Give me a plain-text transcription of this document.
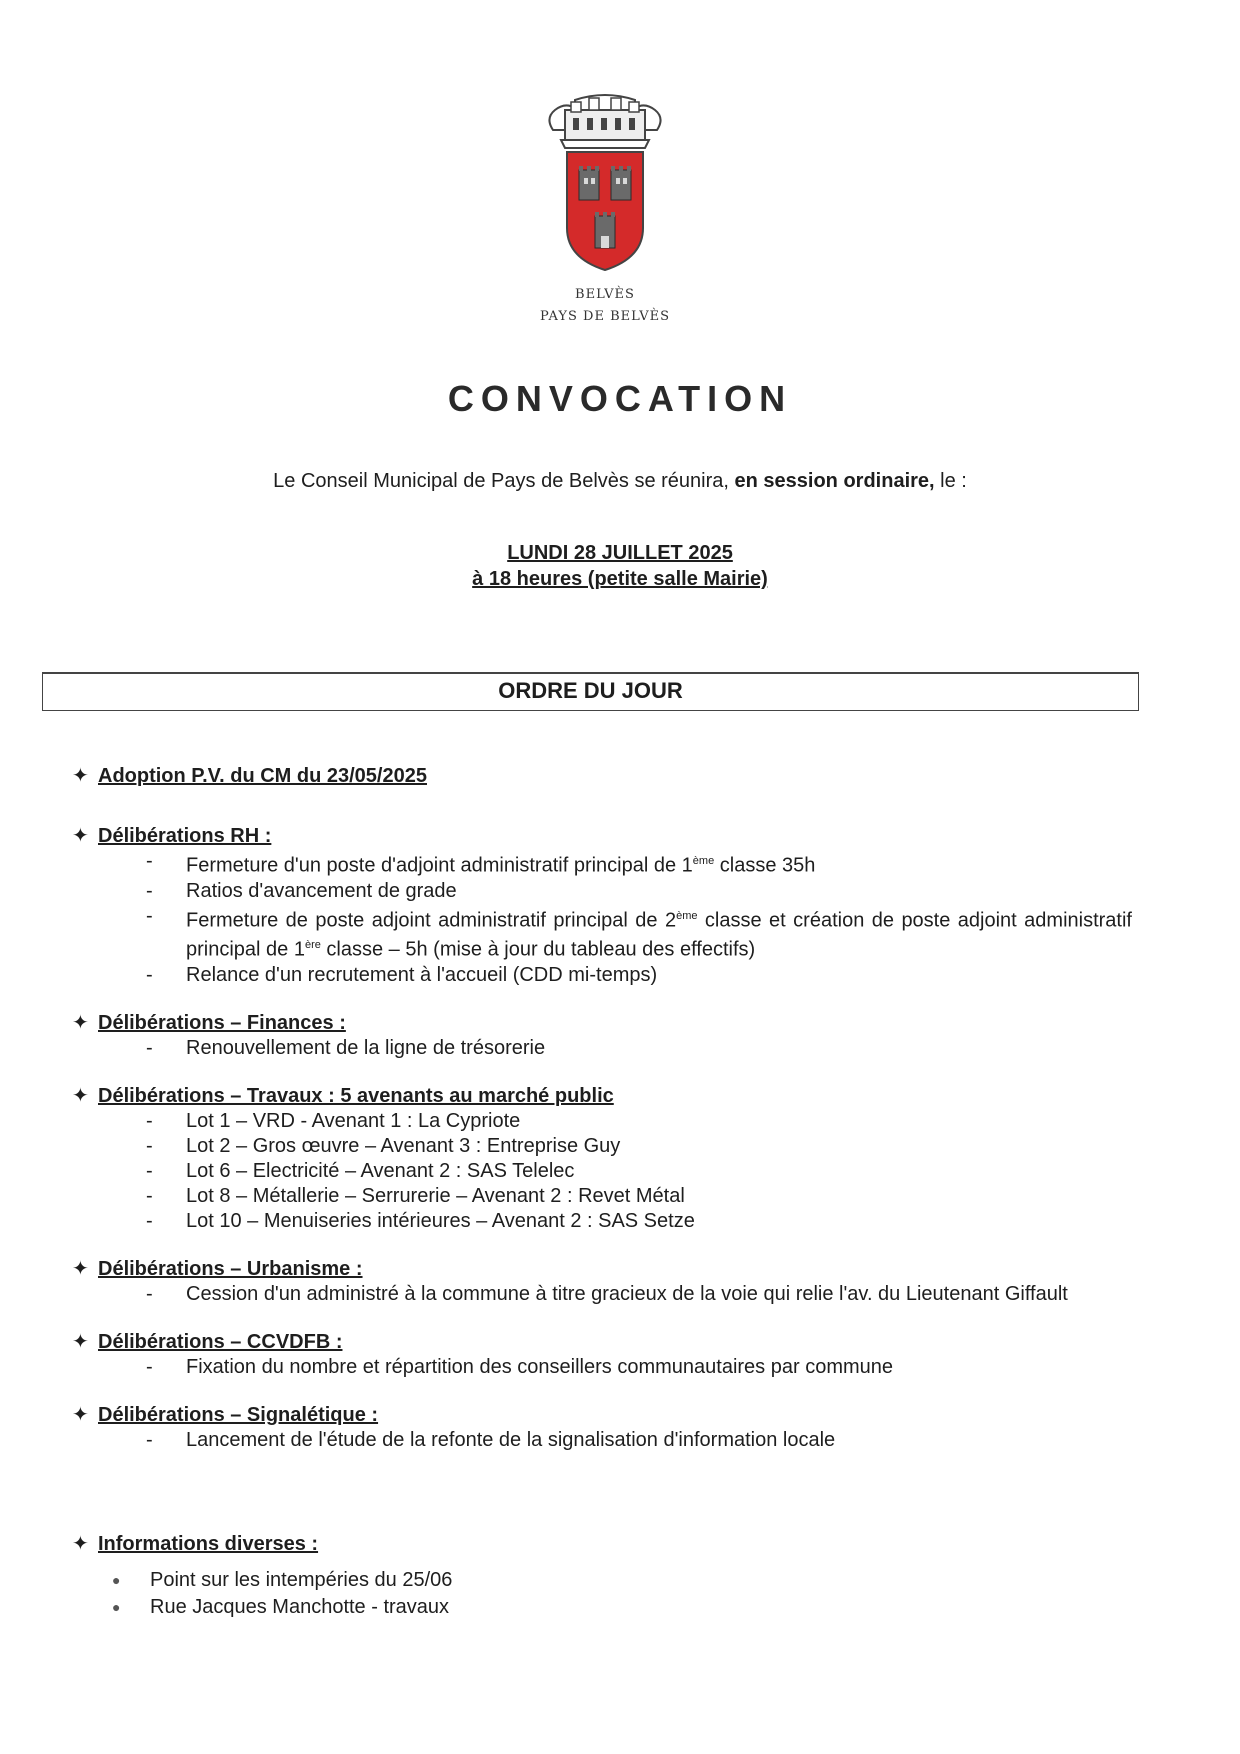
BELVÈS
PAYS DE BELVÈS
CONVOCATION
Le Conseil Municipal de Pays de Belvès se réunira, en session ordinaire, le :
LUNDI 28 JUILLET 2025
à 18 heures (petite salle Mairie)
ORDRE DU JOUR
✦ Adoption P.V. du CM du 23/05/2025
✦ Délibérations RH :
- Fermeture d'un poste d'adjoint administratif principal de 1ème classe 35h
- Ratios d'avancement de grade
- Fermeture de poste adjoint administratif principal de 2ème classe et création de poste adjoint administratif principal de 1ère classe – 5h (mise à jour du tableau des effectifs)
- Relance d'un recrutement à l'accueil (CDD mi-temps)
✦ Délibérations – Finances :
- Renouvellement de la ligne de trésorerie
✦ Délibérations – Travaux : 5 avenants au marché public
- Lot 1 – VRD - Avenant 1 : La Cypriote
- Lot 2 – Gros œuvre – Avenant 3 : Entreprise Guy
- Lot 6 – Electricité – Avenant 2 : SAS Telelec
- Lot 8 – Métallerie – Serrurerie – Avenant 2 : Revet Métal
- Lot 10 – Menuiseries intérieures – Avenant 2 : SAS Setze
✦ Délibérations – Urbanisme :
- Cession d'un administré à la commune à titre gracieux de la voie qui relie l'av. du Lieutenant Giffault
✦ Délibérations – CCVDFB :
- Fixation du nombre et répartition des conseillers communautaires par commune
✦ Délibérations – Signalétique :
- Lancement de l'étude de la refonte de la signalisation d'information locale
✦ Informations diverses :
● Point sur les intempéries du 25/06
● Rue Jacques Manchotte - travaux
